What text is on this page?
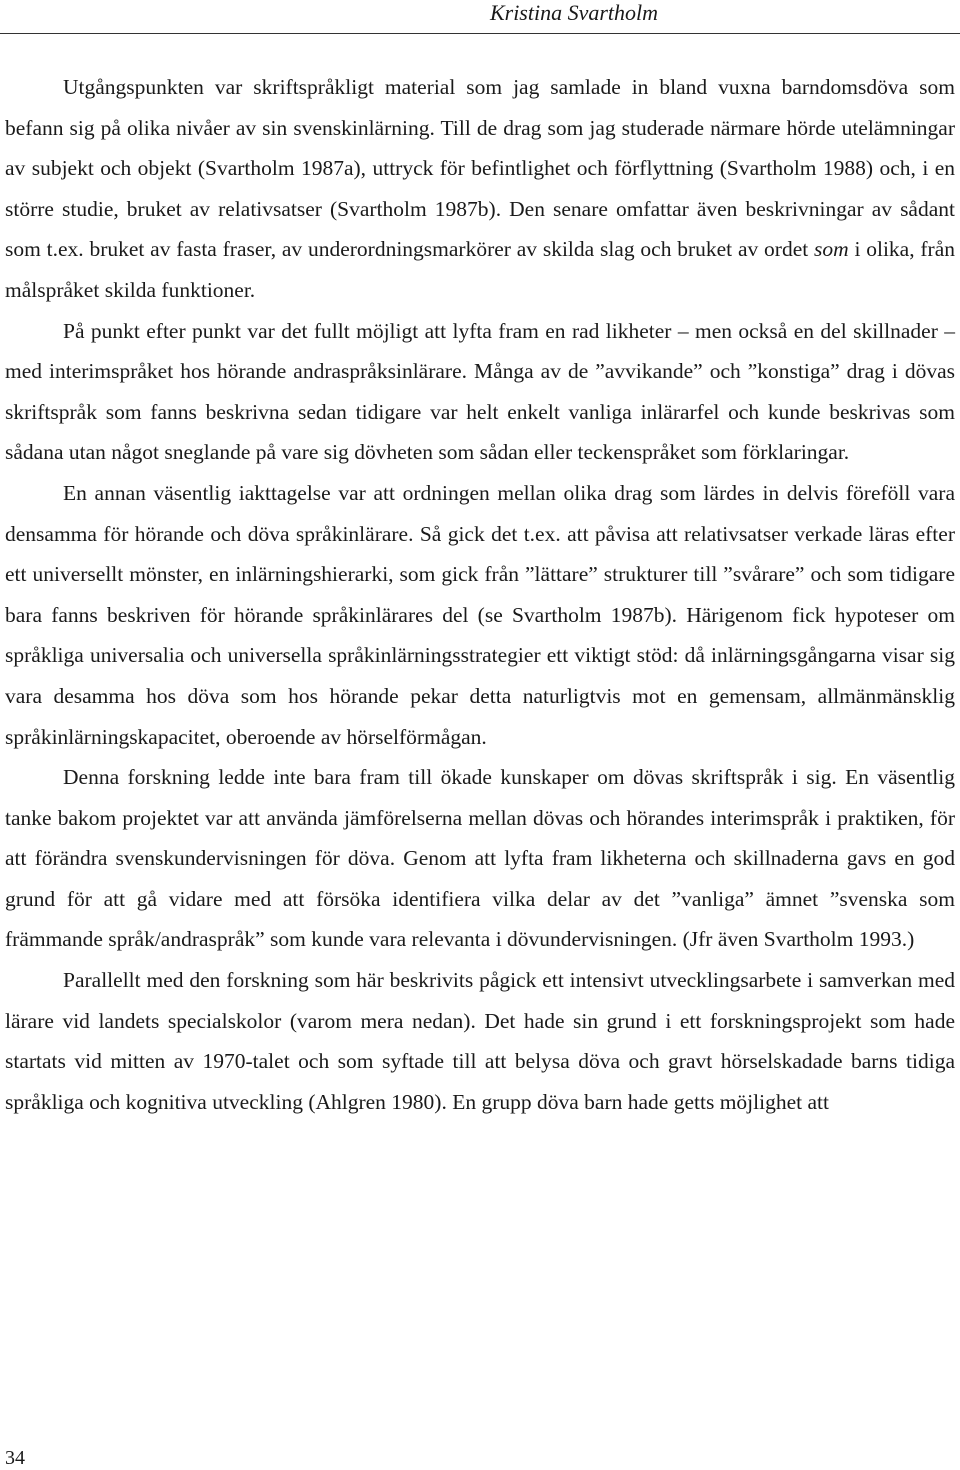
Kristina Svartholm

Utgångspunkten var skriftspråkligt material som jag samlade in bland vuxna barndomsdöva som befann sig på olika nivåer av sin svenskinlärning. Till de drag som jag studerade närmare hörde utelämningar av subjekt och objekt (Svartholm 1987a), uttryck för befintlighet och förflyttning (Svartholm 1988) och, i en större studie, bruket av relativsatser (Svartholm 1987b). Den senare omfattar även beskrivningar av sådant som t.ex. bruket av fasta fraser, av underordningsmarkörer av skilda slag och bruket av ordet som i olika, från målspråket skilda funktioner.

På punkt efter punkt var det fullt möjligt att lyfta fram en rad likheter – men också en del skillnader – med interimspråket hos hörande andraspråksinlärare. Många av de ”avvikande” och ”konstiga” drag i dövas skriftspråk som fanns beskrivna sedan tidigare var helt enkelt vanliga inlärarfel och kunde beskrivas som sådana utan något sneglande på vare sig dövheten som sådan eller teckenspråket som förklaringar.

En annan väsentlig iakttagelse var att ordningen mellan olika drag som lärdes in delvis föreföll vara densamma för hörande och döva språkinlärare. Så gick det t.ex. att påvisa att relativsatser verkade läras efter ett universellt mönster, en inlärningshierarki, som gick från ”lättare” strukturer till ”svårare” och som tidigare bara fanns beskriven för hörande språkinlärares del (se Svartholm 1987b). Härigenom fick hypoteser om språkliga universalia och universella språkinlärningsstrategier ett viktigt stöd: då inlärningsgångarna visar sig vara desamma hos döva som hos hörande pekar detta naturligtvis mot en gemensam, allmänmänsklig språkinlärningskapacitet, oberoende av hörselförmågan.

Denna forskning ledde inte bara fram till ökade kunskaper om dövas skriftspråk i sig. En väsentlig tanke bakom projektet var att använda jämförelserna mellan dövas och hörandes interimspråk i praktiken, för att förändra svenskundervisningen för döva. Genom att lyfta fram likheterna och skillnaderna gavs en god grund för att gå vidare med att försöka identifiera vilka delar av det ”vanliga” ämnet ”svenska som främmande språk/andraspråk” som kunde vara relevanta i dövundervisningen. (Jfr även Svartholm 1993.)

Parallellt med den forskning som här beskrivits pågick ett intensivt utvecklingsarbete i samverkan med lärare vid landets specialskolor (varom mera nedan). Det hade sin grund i ett forskningsprojekt som hade startats vid mitten av 1970-talet och som syftade till att belysa döva och gravt hörselskadade barns tidiga språkliga och kognitiva utveckling (Ahlgren 1980). En grupp döva barn hade getts möjlighet att

34
